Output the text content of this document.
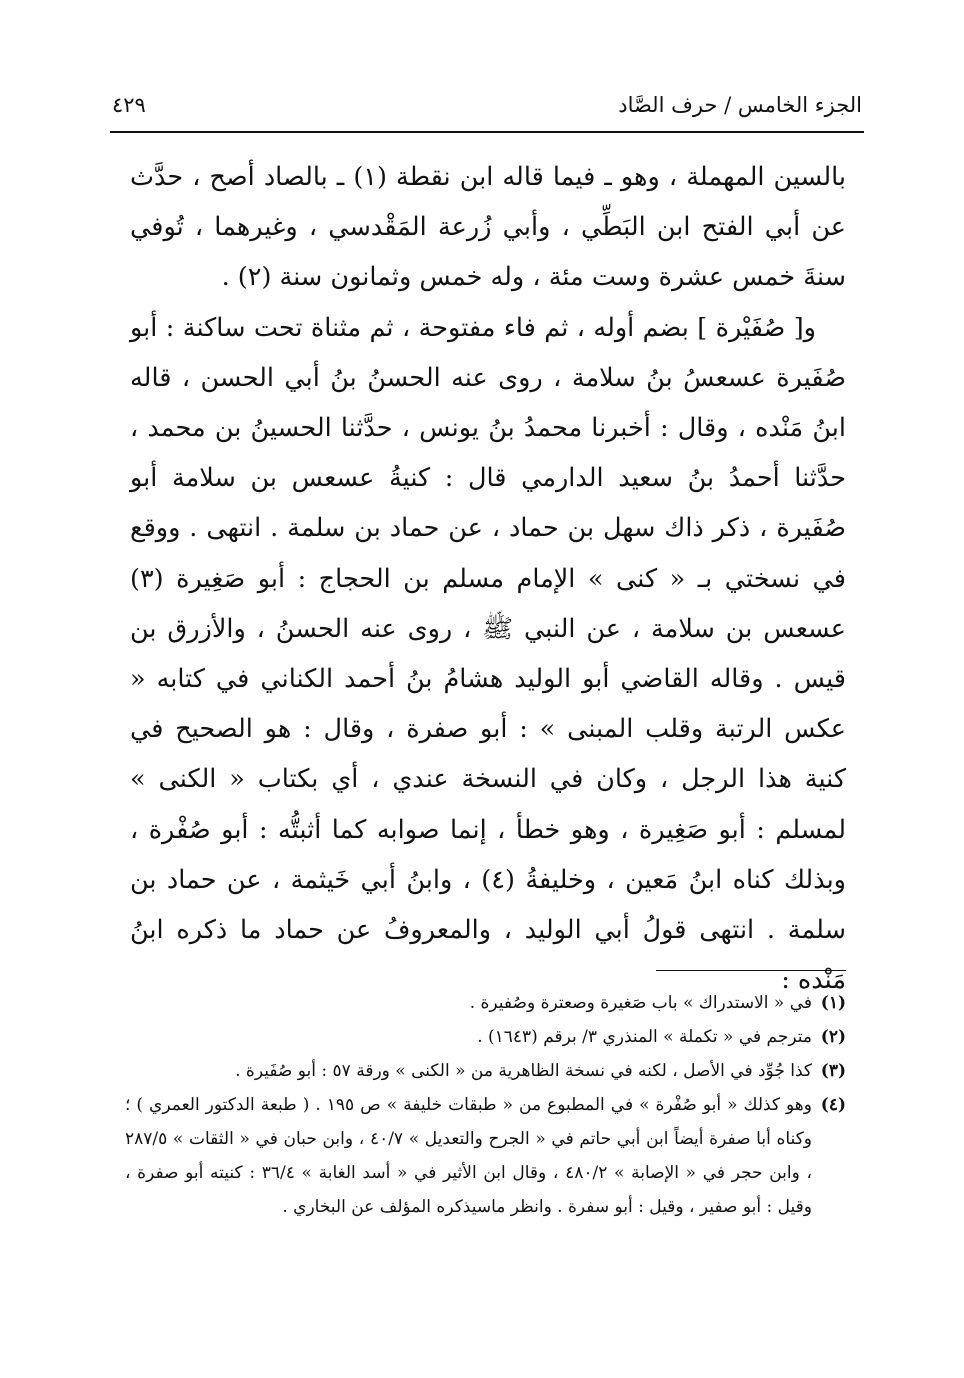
الجزء الخامس / حرف الصَّاد
٤٢٩

بالسين المهملة ، وهو ـ فيما قاله ابن نقطة (١) ـ بالصاد أصح ، حدَّث عن أبي الفتح ابن البَطِّي ، وأبي زُرعة المَقْدسي ، وغيرهما ، تُوفي سنةَ خمس عشرة وست مئة ، وله خمس وثمانون سنة (٢) .

و[ صُفَيْرة ] بضم أوله ، ثم فاء مفتوحة ، ثم مثناة تحت ساكنة : أبو صُفَيرة عسعسُ بنُ سلامة ، روى عنه الحسنُ بنُ أبي الحسن ، قاله ابنُ مَنْده ، وقال : أخبرنا محمدُ بنُ يونس ، حدَّثنا الحسينُ بن محمد ، حدَّثنا أحمدُ بنُ سعيد الدارمي قال : كنيةُ عسعس بن سلامة أبو صُفَيرة ، ذكر ذاك سهل بن حماد ، عن حماد بن سلمة . انتهى . ووقع في نسختي بـ « كنى » الإمام مسلم بن الحجاج : أبو صَغِيرة (٣) عسعس بن سلامة ، عن النبي ﷺ ، روى عنه الحسنُ ، والأزرق بن قيس . وقاله القاضي أبو الوليد هشامُ بنُ أحمد الكناني في كتابه « عكس الرتبة وقلب المبنى » : أبو صفرة ، وقال : هو الصحيح في كنية هذا الرجل ، وكان في النسخة عندي ، أي بكتاب « الكنى » لمسلم : أبو صَغِيرة ، وهو خطأ ، إنما صوابه كما أثبتُّه : أبو صُفْرة ، وبذلك كناه ابنُ مَعين ، وخليفةُ (٤) ، وابنُ أبي خَيثمة ، عن حماد بن سلمة . انتهى قولُ أبي الوليد ، والمعروفُ عن حماد ما ذكره ابنُ مَنْده :

(١)
في « الاستدراك » باب صَغيرة وصعترة وصُفيرة .
(٢)
مترجم في « تكملة » المنذري ٣/ برقم (١٦٤٣) .
(٣)
كذا جُوِّد في الأصل ، لكنه في نسخة الظاهرية من « الكنى » ورقة ٥٧ : أبو صُفَيرة .
(٤)
وهو كذلك « أبو صُفْرة » في المطبوع من « طبقات خليفة » ص ١٩٥ . ( طبعة الدكتور العمري ) ؛ وكناه أبا صفرة أيضاً ابن أبي حاتم في « الجرح والتعديل » ٤٠/٧ ، وابن حبان في « الثقات » ٢٨٧/٥ ، وابن حجر في « الإصابة » ٤٨٠/٢ ، وقال ابن الأثير في « أسد الغابة » ٣٦/٤ : كنيته أبو صفرة ، وقيل : أبو صفير ، وقيل : أبو سفرة . وانظر ماسيذكره المؤلف عن البخاري .
